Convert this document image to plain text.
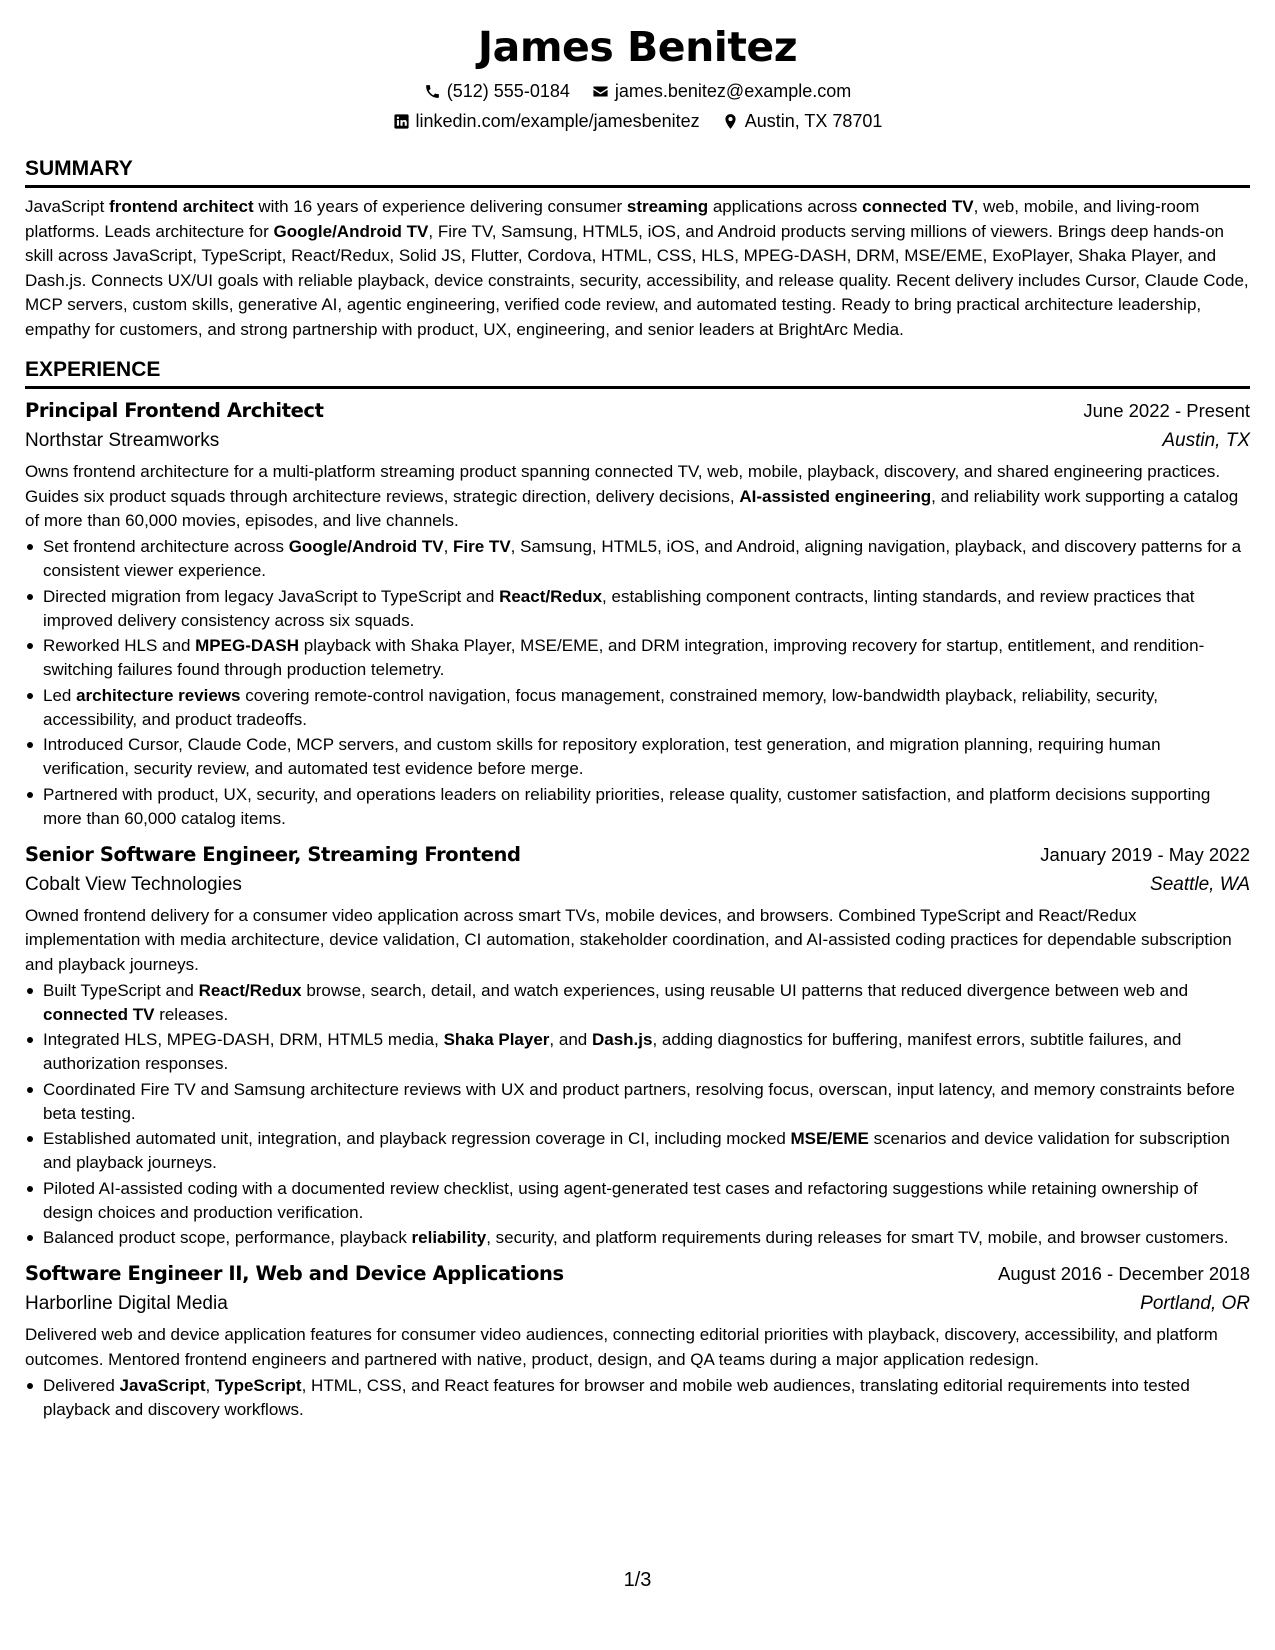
James Benitez
(512) 555-0184	james.benitez@example.com
linkedin.com/example/jamesbenitez	Austin, TX 78701
SUMMARY

JavaScript frontend architect with 16 years of experience delivering consumer streaming applications across connected TV, web, mobile, and living-room platforms. Leads architecture for Google/Android TV, Fire TV, Samsung, HTML5, iOS, and Android products serving millions of viewers. Brings deep hands-on skill across JavaScript, TypeScript, React/Redux, Solid JS, Flutter, Cordova, HTML, CSS, HLS, MPEG-DASH, DRM, MSE/EME, ExoPlayer, Shaka Player, and Dash.js. Connects UX/UI goals with reliable playback, device constraints, security, accessibility, and release quality. Recent delivery includes Cursor, Claude Code, MCP servers, custom skills, generative AI, agentic engineering, verified code review, and automated testing. Ready to bring practical architecture leadership, empathy for customers, and strong partnership with product, UX, engineering, and senior leaders at BrightArc Media.

EXPERIENCE
Principal Frontend Architect	June 2022 - Present
Northstar Streamworks	Austin, TX

Owns frontend architecture for a multi-platform streaming product spanning connected TV, web, mobile, playback, discovery, and shared engineering practices. Guides six product squads through architecture reviews, strategic direction, delivery decisions, AI-assisted engineering, and reliability work supporting a catalog of more than 60,000 movies, episodes, and live channels.

Set frontend architecture across Google/Android TV, Fire TV, Samsung, HTML5, iOS, and Android, aligning navigation, playback, and discovery patterns for a consistent viewer experience.
Directed migration from legacy JavaScript to TypeScript and React/Redux, establishing component contracts, linting standards, and review practices that improved delivery consistency across six squads.
Reworked HLS and MPEG-DASH playback with Shaka Player, MSE/EME, and DRM integration, improving recovery for startup, entitlement, and rendition-switching failures found through production telemetry.
Led architecture reviews covering remote-control navigation, focus management, constrained memory, low-bandwidth playback, reliability, security, accessibility, and product tradeoffs.
Introduced Cursor, Claude Code, MCP servers, and custom skills for repository exploration, test generation, and migration planning, requiring human verification, security review, and automated test evidence before merge.
Partnered with product, UX, security, and operations leaders on reliability priorities, release quality, customer satisfaction, and platform decisions supporting more than 60,000 catalog items.
Senior Software Engineer, Streaming Frontend	January 2019 - May 2022
Cobalt View Technologies	Seattle, WA

Owned frontend delivery for a consumer video application across smart TVs, mobile devices, and browsers. Combined TypeScript and React/Redux implementation with media architecture, device validation, CI automation, stakeholder coordination, and AI-assisted coding practices for dependable subscription and playback journeys.

Built TypeScript and React/Redux browse, search, detail, and watch experiences, using reusable UI patterns that reduced divergence between web and connected TV releases.
Integrated HLS, MPEG-DASH, DRM, HTML5 media, Shaka Player, and Dash.js, adding diagnostics for buffering, manifest errors, subtitle failures, and authorization responses.
Coordinated Fire TV and Samsung architecture reviews with UX and product partners, resolving focus, overscan, input latency, and memory constraints before beta testing.
Established automated unit, integration, and playback regression coverage in CI, including mocked MSE/EME scenarios and device validation for subscription and playback journeys.
Piloted AI-assisted coding with a documented review checklist, using agent-generated test cases and refactoring suggestions while retaining ownership of design choices and production verification.
Balanced product scope, performance, playback reliability, security, and platform requirements during releases for smart TV, mobile, and browser customers.
Software Engineer II, Web and Device Applications	August 2016 - December 2018
Harborline Digital Media	Portland, OR

Delivered web and device application features for consumer video audiences, connecting editorial priorities with playback, discovery, accessibility, and platform outcomes. Mentored frontend engineers and partnered with native, product, design, and QA teams during a major application redesign.

Delivered JavaScript, TypeScript, HTML, CSS, and React features for browser and mobile web audiences, translating editorial requirements into tested playback and discovery workflows.
1/3
